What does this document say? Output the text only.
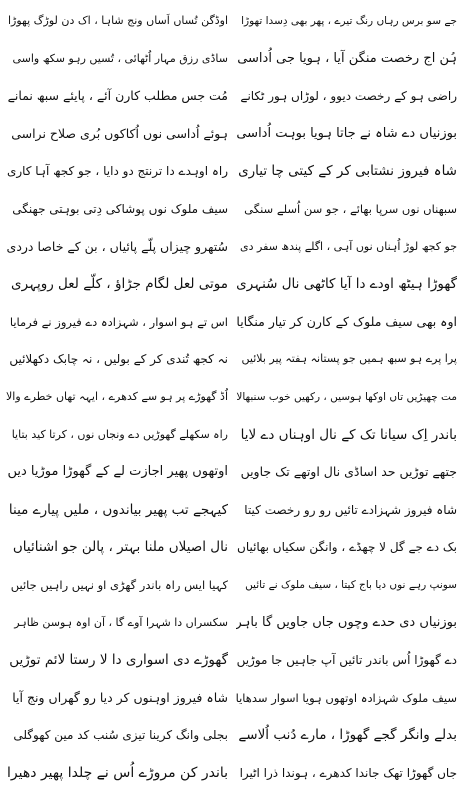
جے سو برس رہاں رنگ تیرے ، پھر بھی دِسدا تھوڑا
ہُن اج رخصت منگن آیا ، ہویا جی اُداسی
راضی ہو کے رخصت دیوو ، لوڑاں ہور ٹکانے
بوزنیاں دے شاہ نے جاتا ہویا بوہت اُداسی
شاہ فیروز نشتابی کر کے کیتی چا تیاری
سبھناں نوں سرپا بھائے ، جو سن اُسلے سنگی
جو کجھ لوڑ اُہناں نوں آہی ، اگلے پندھ سفر دی
گھوڑا ہیٹھ اودے دا آیا کاٹھی نال سُنہری
اوہ بھی سیف ملوک کے کارن کر تیار منگایا
پرا پرے ہو سبھ ہمیں جو پستانہ ہفتہ پیر بلائیں
مت چھیڑیں تاں اوکھا ہوسیں ، رکھیں خوب سنبھالا
باندر اِک سیانا تک کے نال اوہناں دے لایا
جتھے توڑیں حد اساڈی نال اوتھے تک جاویں
شاہ فیروز شہزادے تائیں رو رو رخصت کیتا
بک دے جے گل لا چھڈے ، وانگن سکیاں بھائیاں
سونپ رہے نوں دیا باج کیتا ، سیف ملوک نے تائیں
بوزنیاں دی حدے وچوں جاں جاویں گا باہر
دے گھوڑا اُس باندر تائیں آپ جاہیں جا موڑیں
سیف ملوک شہزادہ اوتھوں ہویا اسوار سدھایا
بدلے وانگر گجے گھوڑا ، مارے دُنب اُلاسے
جاں گھوڑا تھک جاندا کدھرے ، ہوندا ذرا اٹیرا
اوڈگن تُساں اَساں ونج شاہا ، اک دن لوڑگ پھوڑا
ساڈی رزق مہار اُٹھائی ، تُسیں رہو سکھ واسی
مُت جس مطلب کارن آئے ، پایئے سبھ نمانے
ہوئے اُداسی نوں اُکاکوں بُری صلاح نراسی
راہ اوہدے دا ترنتج دو دایا ، جو کجھ آہا کاری
سیف ملوک نوں پوشاکی دِتی بوہتی جھنگی
سُتھرو چیزاں پلّے پائیاں ، بن کے خاصا دردی
موتی لعل لگام جڑاؤ ، کلّے لعل روپہری
اس تے ہو اسوار ، شہزادہ دے فیروز نے فرمایا
نہ کجھ تُندی کر کے بولیں ، نہ چابک دکھلائیں
اُڈ گھوڑے پر ہو سے کدھرے ، ایہہ تھاں خطرے والا
راہ سکھلے گھوڑیں دے ونجاں نوں ، کرتا کید بتایا
اوتھوں پھیر اجازت لے کے گھوڑا موڑیا دیں
کیہجے تب پھیر بیاندوں ، ملیں پیارے مینا
نال اصیلاں ملنا بہتر ، پالن جو اشنائیاں
کہیا ایس راہ باندر گھڑی او نہیں راہیں جائیں
سکسراں دا شہرا آوے گا ، آن اوہ ہوسن ظاہر
گھوڑے دی اسواری دا لا رستا لائم توڑیں
شاہ فیروز اوہنوں کر دیا رو گھراں ونج آیا
بجلی وانگ کرینا تیزی سُنب کد مین کھوگلی
باندر کن مروڑے اُس نے چلدا پھیر دھیرا
